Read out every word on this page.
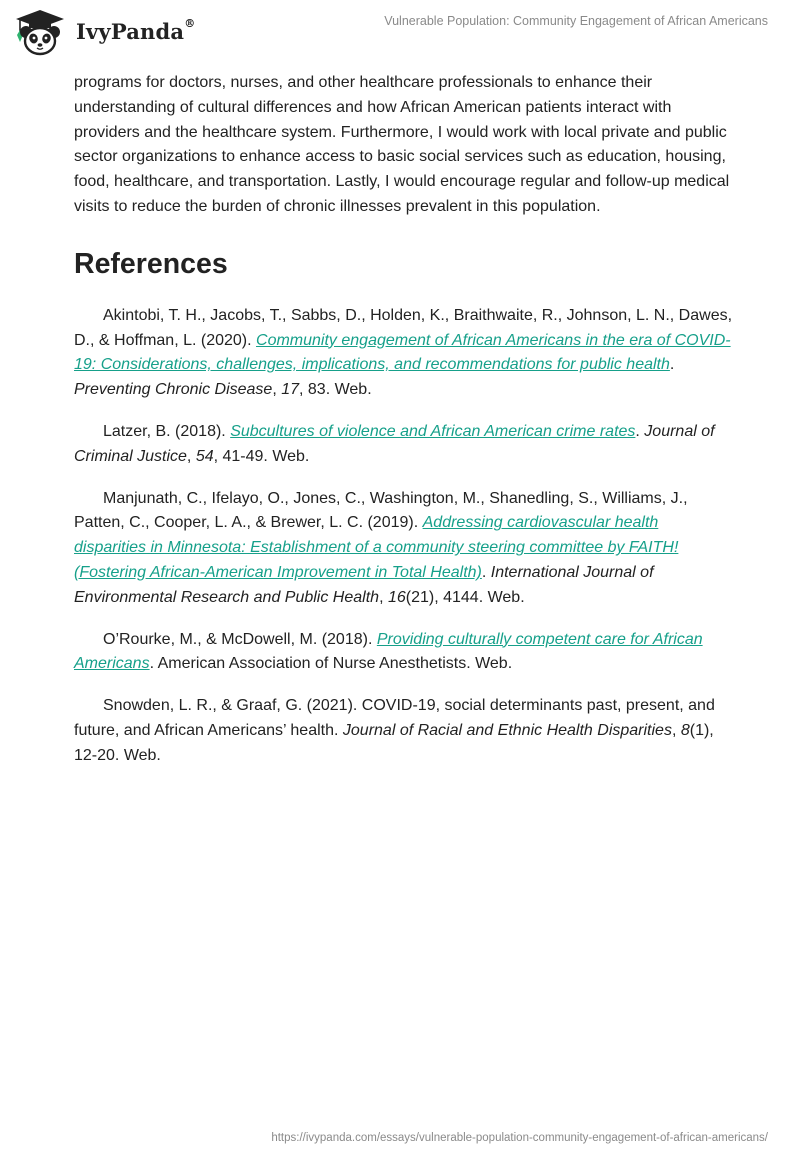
IvyPanda®	Vulnerable Population: Community Engagement of African Americans

programs for doctors, nurses, and other healthcare professionals to enhance their understanding of cultural differences and how African American patients interact with providers and the healthcare system. Furthermore, I would work with local private and public sector organizations to enhance access to basic social services such as education, housing, food, healthcare, and transportation. Lastly, I would encourage regular and follow-up medical visits to reduce the burden of chronic illnesses prevalent in this population.

References

Akintobi, T. H., Jacobs, T., Sabbs, D., Holden, K., Braithwaite, R., Johnson, L. N., Dawes, D., & Hoffman, L. (2020). Community engagement of African Americans in the era of COVID-19: Considerations, challenges, implications, and recommendations for public health. Preventing Chronic Disease, 17, 83. Web.

Latzer, B. (2018). Subcultures of violence and African American crime rates. Journal of Criminal Justice, 54, 41-49. Web.

Manjunath, C., Ifelayo, O., Jones, C., Washington, M., Shanedling, S., Williams, J., Patten, C., Cooper, L. A., & Brewer, L. C. (2019). Addressing cardiovascular health disparities in Minnesota: Establishment of a community steering committee by FAITH! (Fostering African-American Improvement in Total Health). International Journal of Environmental Research and Public Health, 16(21), 4144. Web.

O’Rourke, M., & McDowell, M. (2018). Providing culturally competent care for African Americans. American Association of Nurse Anesthetists. Web.

Snowden, L. R., & Graaf, G. (2021). COVID-19, social determinants past, present, and future, and African Americans’ health. Journal of Racial and Ethnic Health Disparities, 8(1), 12-20. Web.

https://ivypanda.com/essays/vulnerable-population-community-engagement-of-african-americans/
